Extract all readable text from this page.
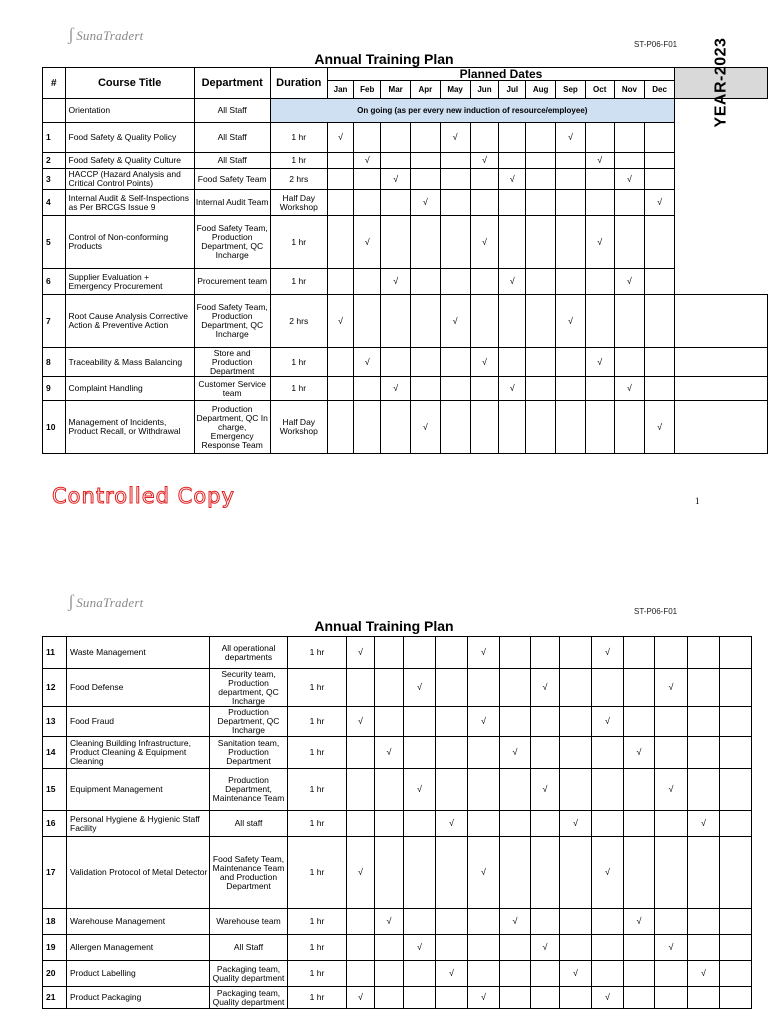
ʃ SunaTradert
ST-P06-F01
Annual Training Plan
#	Course Title	Department	Duration	Planned Dates												YEAR-2023
				Jan	Feb	Mar	Apr	May	Jun	Jul	Aug	Sep	Oct	Nov	Dec	
	Orientation	All Staff	On going (as per every new induction of resource/employee)													
1	Food Safety & Quality Policy	All Staff	1 hr	√				√				√				
2	Food Safety & Quality Culture	All Staff	1 hr		√				√				√			
3	HACCP (Hazard Analysis and Critical Control Points)	Food Safety Team	2 hrs			√				√				√		
4	Internal Audit & Self-Inspections as Per BRCGS Issue 9	Internal Audit Team	Half Day Workshop				√								√	
5	Control of Non-conforming Products	Food Safety Team, Production Department, QC Incharge	1 hr		√				√				√			
6	Supplier Evaluation + Emergency Procurement	Procurement team	1 hr			√				√				√		
7	Root Cause Analysis Corrective Action & Preventive Action	Food Safety Team, Production Department, QC Incharge	2 hrs	√				√				√				
8	Traceability & Mass Balancing	Store and Production Department	1 hr		√				√				√			
9	Complaint Handling	Customer Service team	1 hr			√				√				√		
10	Management of Incidents, Product Recall, or Withdrawal	Production Department, QC In charge, Emergency Response Team	Half Day Workshop				√								√	
Controlled Copy	1
ʃ SunaTradert
ST-P06-F01
Annual Training Plan
11	Waste Management	All operational departments	1 hr	√				√				√				
12	Food Defense	Security team, Production department, QC Incharge	1 hr			√				√				√		
13	Food Fraud	Production Department, QC Incharge	1 hr	√				√				√				
14	Cleaning Building Infrastructure, Product Cleaning & Equipment Cleaning	Sanitation team, Production Department	1 hr		√				√				√			
15	Equipment Management	Production Department, Maintenance Team	1 hr			√				√				√		
16	Personal Hygiene & Hygienic Staff Facility	All staff	1 hr				√				√				√	
17	Validation Protocol of Metal Detector	Food Safety Team, Maintenance Team and Production Department	1 hr	√				√				√				
18	Warehouse Management	Warehouse team	1 hr		√				√				√			
19	Allergen Management	All Staff	1 hr			√				√				√		
20	Product Labelling	Packaging team, Quality department	1 hr				√				√				√	
21	Product Packaging	Packaging team, Quality department	1 hr	√				√				√				
